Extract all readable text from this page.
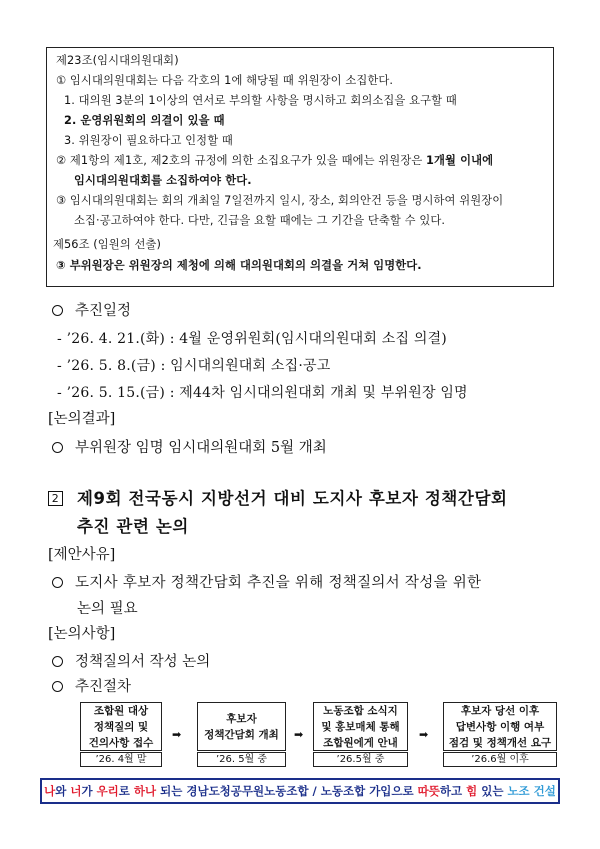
제23조(임시대의원대회)
① 임시대의원대회는 다음 각호의 1에 해당될 때 위원장이 소집한다.
1. 대의원 3분의 1이상의 연서로 부의할 사항을 명시하고 회의소집을 요구할 때
2. 운영위원회의 의결이 있을 때
3. 위원장이 필요하다고 인정할 때
② 제1항의 제1호, 제2호의 규정에 의한 소집요구가 있을 때에는 위원장은 1개월 이내에
임시대의원대회를 소집하여야 한다.
③ 임시대의원대회는 회의 개최일 7일전까지 일시, 장소, 회의안건 등을 명시하여 위원장이
소집·공고하여야 한다. 다만, 긴급을 요할 때에는 그 기간을 단축할 수 있다.
제56조 (임원의 선출)
③ 부위원장은 위원장의 제청에 의해 대의원대회의 의결을 거쳐 임명한다.
추진일정
- ’26. 4. 21.(화) : 4월 운영위원회(임시대의원대회 소집 의결)
- ’26. 5. 8.(금) : 임시대의원대회 소집·공고
- ’26. 5. 15.(금) : 제44차 임시대의원대회 개최 및 부위원장 임명
[논의결과]
부위원장 임명 임시대의원대회 5월 개최
2 제9회 전국동시 지방선거 대비 도지사 후보자 정책간담회
추진 관련 논의
[제안사유]
도지사 후보자 정책간담회 추진을 위해 정책질의서 작성을 위한
논의 필요
[논의사항]
정책질의서 작성 논의
추진절차
조합원 대상
정책질의 및
건의사항 접수
’26. 4월 말
➡
후보자
정책간담회 개최
’26. 5월 중
➡
노동조합 소식지
및 홍보매체 통해
조합원에게 안내
’26.5월 중
➡
후보자 당선 이후
답변사항 이행 여부
점검 및 정책개선 요구
’26.6월 이후
나와 너가 우리로 하나 되는 경남도청공무원노동조합 / 노동조합 가입으로 따뜻하고 힘 있는 노조 건설
